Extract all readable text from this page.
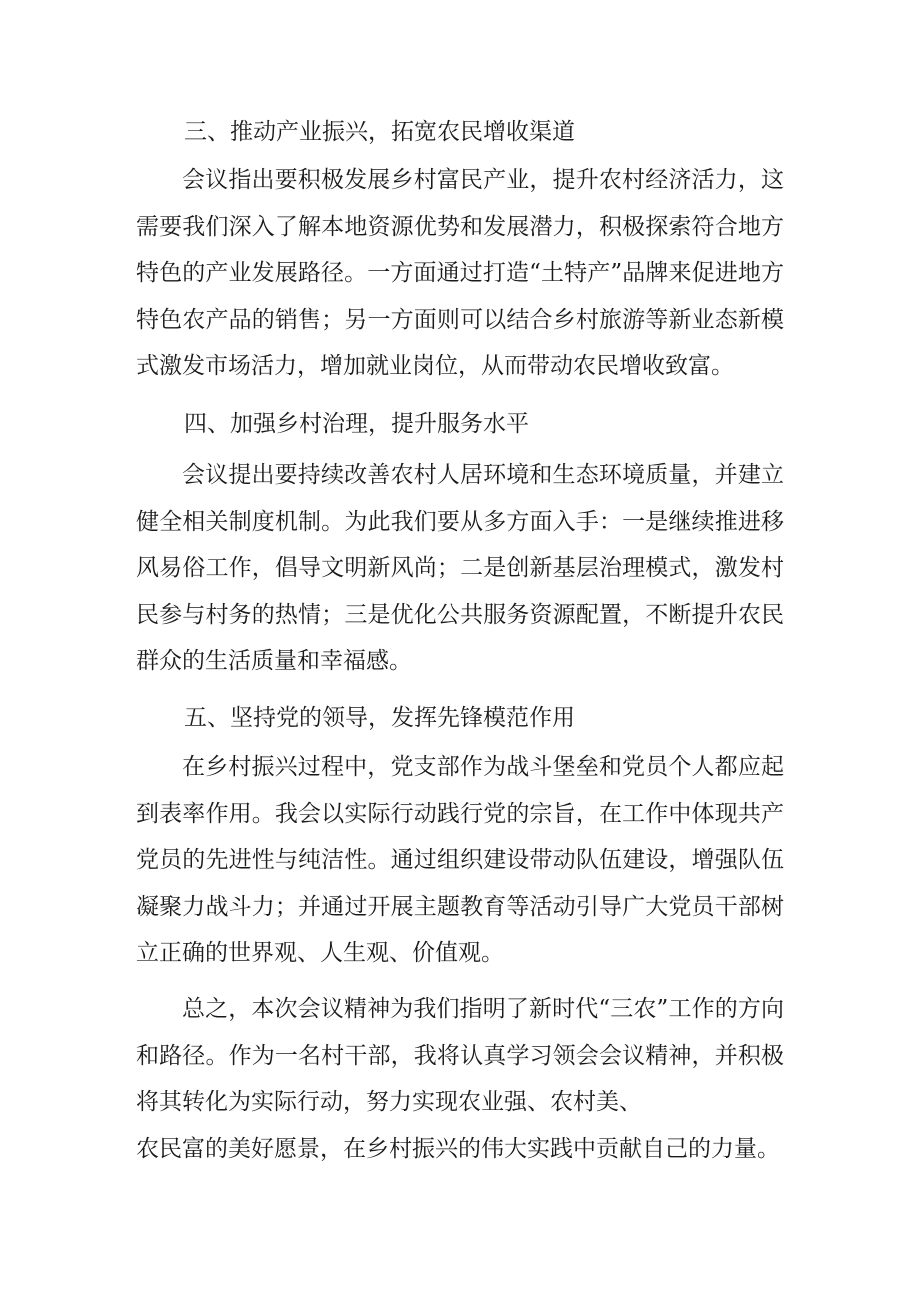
三、推动产业振兴，拓宽农民增收渠道

会议指出要积极发展乡村富民产业，提升农村经济活力，这需要我们深入了解本地资源优势和发展潜力，积极探索符合地方特色的产业发展路径。一方面通过打造“土特产”品牌来促进地方特色农产品的销售；另一方面则可以结合乡村旅游等新业态新模式激发市场活力，增加就业岗位，从而带动农民增收致富。

四、加强乡村治理，提升服务水平

会议提出要持续改善农村人居环境和生态环境质量，并建立健全相关制度机制。为此我们要从多方面入手：一是继续推进移风易俗工作，倡导文明新风尚；二是创新基层治理模式，激发村民参与村务的热情；三是优化公共服务资源配置，不断提升农民群众的生活质量和幸福感。

五、坚持党的领导，发挥先锋模范作用

在乡村振兴过程中，党支部作为战斗堡垒和党员个人都应起到表率作用。我会以实际行动践行党的宗旨，在工作中体现共产党员的先进性与纯洁性。通过组织建设带动队伍建设，增强队伍凝聚力战斗力；并通过开展主题教育等活动引导广大党员干部树立正确的世界观、人生观、价值观。

总之，本次会议精神为我们指明了新时代“三农”工作的方向和路径。作为一名村干部，我将认真学习领会会议精神，并积极将其转化为实际行动，努力实现农业强、农村美、

农民富的美好愿景，在乡村振兴的伟大实践中贡献自己的力量。
